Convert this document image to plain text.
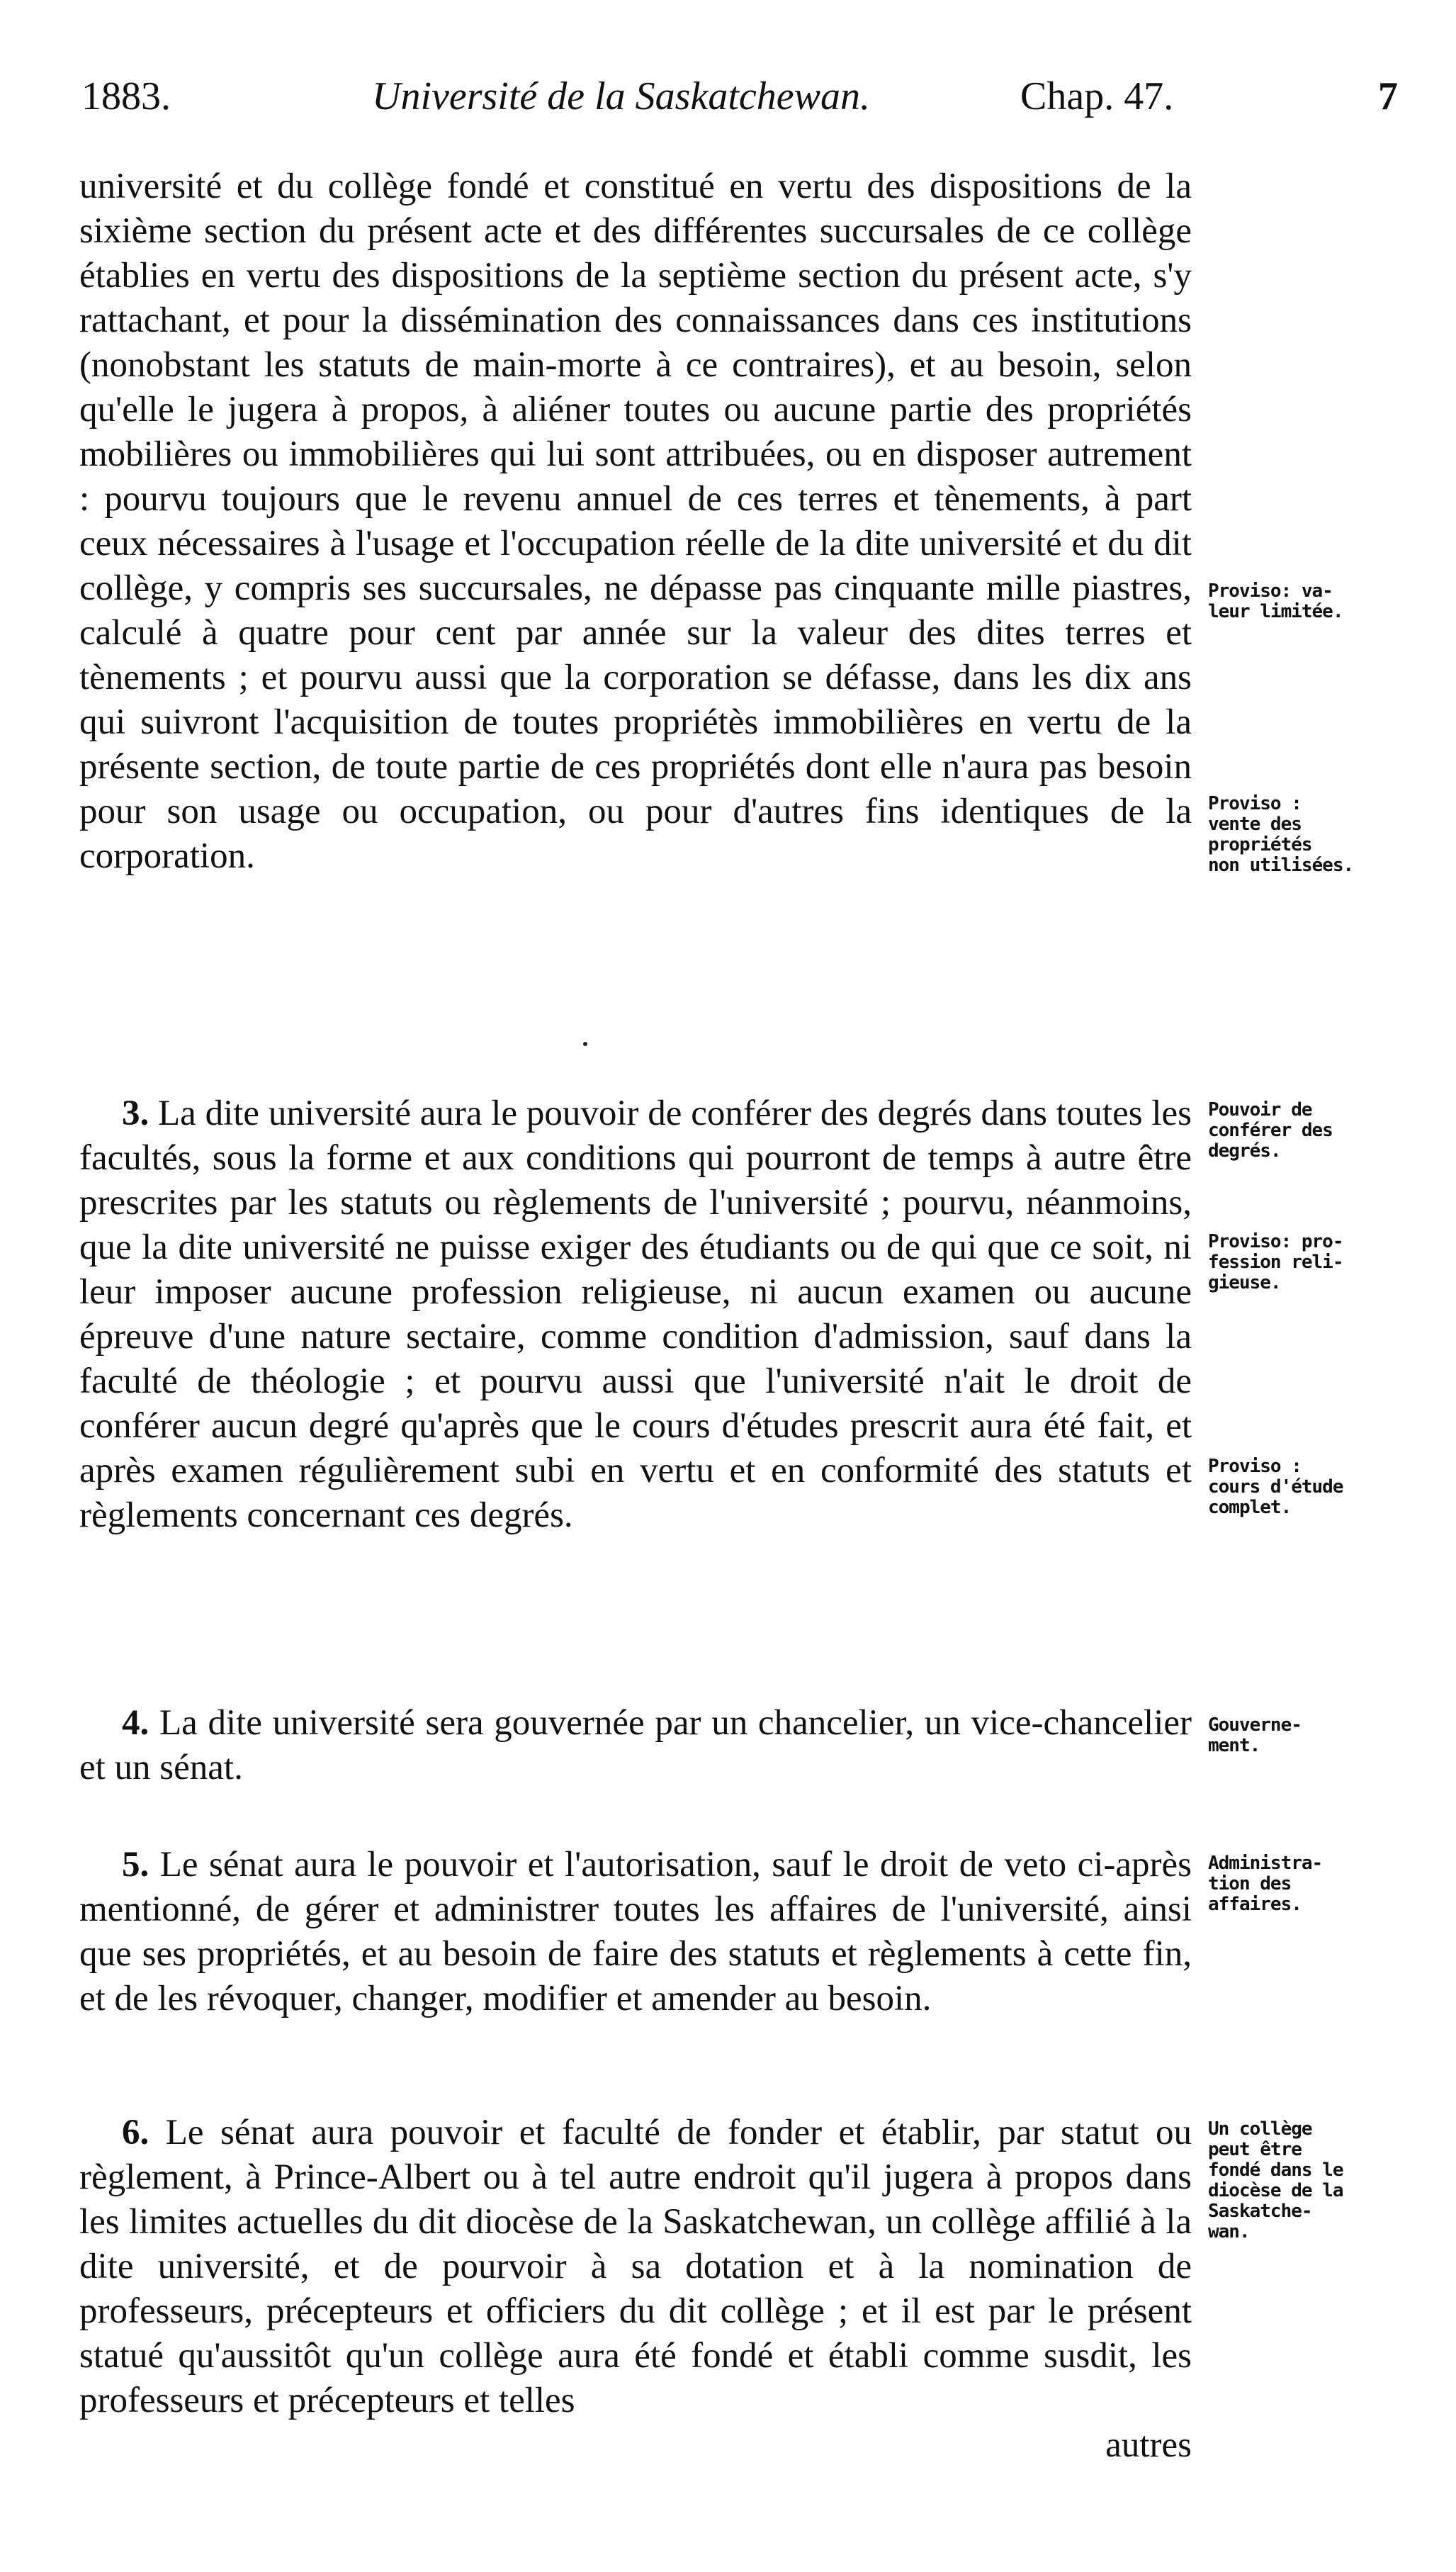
1883.	Université de la Saskatchewan.	Chap. 47.	7

université et du collège fondé et constitué en vertu des dispositions de la sixième section du présent acte et des différentes succursales de ce collège établies en vertu des dispositions de la septième section du présent acte, s'y rattachant, et pour la dissémination des connaissances dans ces institutions (nonobstant les statuts de main-morte à ce contraires), et au besoin, selon qu'elle le jugera à propos, à aliéner toutes ou aucune partie des propriétés mobilières ou immobilières qui lui sont attribuées, ou en disposer autrement : pourvu toujours que le revenu annuel de ces terres et tènements, à part ceux nécessaires à l'usage et l'occupation réelle de la dite université et du dit collège, y compris ses succursales, ne dépasse pas cinquante mille piastres, calculé à quatre pour cent par année sur la valeur des dites terres et tènements ; et pourvu aussi que la corporation se défasse, dans les dix ans qui suivront l'acquisition de toutes propriétès immobilières en vertu de la présente section, de toute partie de ces propriétés dont elle n'aura pas besoin pour son usage ou occupation, ou pour d'autres fins identiques de la corporation.

3. La dite université aura le pouvoir de conférer des degrés dans toutes les facultés, sous la forme et aux conditions qui pourront de temps à autre être prescrites par les statuts ou règlements de l'université ; pourvu, néanmoins, que la dite université ne puisse exiger des étudiants ou de qui que ce soit, ni leur imposer aucune profession religieuse, ni aucun examen ou aucune épreuve d'une nature sectaire, comme condition d'admission, sauf dans la faculté de théologie ; et pourvu aussi que l'université n'ait le droit de conférer aucun degré qu'après que le cours d'études prescrit aura été fait, et après examen régulièrement subi en vertu et en conformité des statuts et règlements concernant ces degrés.

4. La dite université sera gouvernée par un chancelier, un vice-chancelier et un sénat.

5. Le sénat aura le pouvoir et l'autorisation, sauf le droit de veto ci-après mentionné, de gérer et administrer toutes les affaires de l'université, ainsi que ses propriétés, et au besoin de faire des statuts et règlements à cette fin, et de les révoquer, changer, modifier et amender au besoin.

6. Le sénat aura pouvoir et faculté de fonder et établir, par statut ou règlement, à Prince-Albert ou à tel autre endroit qu'il jugera à propos dans les limites actuelles du dit diocèse de la Saskatchewan, un collège affilié à la dite université, et de pourvoir à sa dotation et à la nomination de professeurs, précepteurs et officiers du dit collège ; et il est par le présent statué qu'aussitôt qu'un collège aura été fondé et établi comme susdit, les professeurs et précepteurs et telles

autres
Proviso: va-
leur limitée.
Proviso :
vente des
propriétés
non utilisées.
Pouvoir de
conférer des
degrés.
Proviso: pro-
fession reli-
gieuse.
Proviso :
cours d'étude
complet.
Gouverne-
ment.
Administra-
tion des
affaires.
Un collège
peut être
fondé dans le
diocèse de la
Saskatche-
wan.
